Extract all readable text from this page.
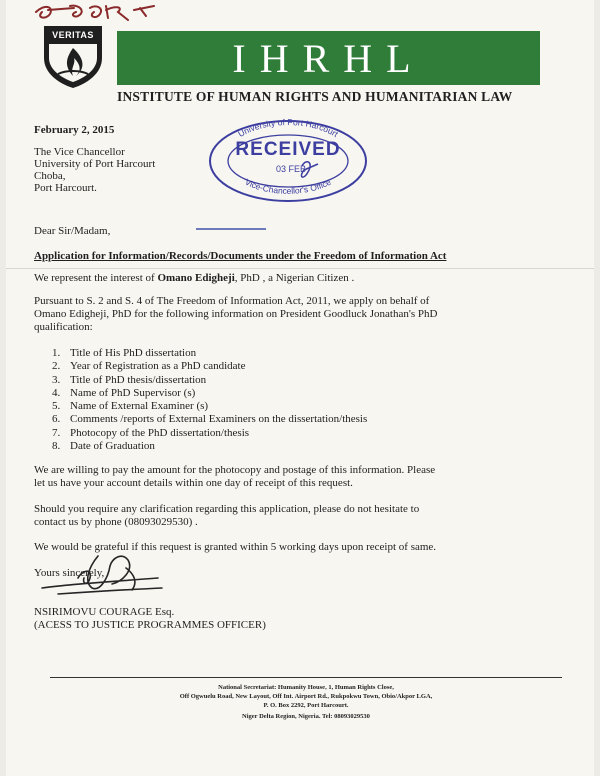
VERITAS
IHRHL
INSTITUTE OF HUMAN RIGHTS AND HUMANITARIAN LAW
University of Port Harcourt
Vice-Chancellor's Office
RECEIVED
03 FEB
February 2, 2015
The Vice Chancellor
University of Port Harcourt
Choba,
Port Harcourt.
Dear Sir/Madam,
Application for Information/Records/Documents under the Freedom of Information Act
We represent the interest of Omano Edigheji, PhD , a Nigerian Citizen .
Pursuant to S. 2 and S. 4 of The Freedom of Information Act, 2011, we apply on behalf of
Omano Edigheji, PhD for the following information on President Goodluck Jonathan's PhD
qualification:
1. Title of His PhD dissertation
2. Year of Registration as a PhD candidate
3. Title of PhD thesis/dissertation
4. Name of PhD Supervisor (s)
5. Name of External Examiner (s)
6. Comments /reports of External Examiners on the dissertation/thesis
7. Photocopy of the PhD dissertation/thesis
8. Date of Graduation
We are willing to pay the amount for the photocopy and postage of this information. Please
let us have your account details within one day of receipt of this request.
Should you require any clarification regarding this application, please do not hesitate to
contact us by phone (08093029530) .
We would be grateful if this request is granted within 5 working days upon receipt of same.
Yours sincerely,
NSIRIMOVU COURAGE Esq.
(ACESS TO JUSTICE PROGRAMMES OFFICER)
National Secretariat: Humanity House, 1, Human Rights Close,
Off Ogwuelu Road, New Layout, Off Int. Airport Rd., Rukpokwu Town, Obio/Akpor LGA,
P. O. Box 2292, Port Harcourt.
Niger Delta Region, Nigeria. Tel: 08093029530
